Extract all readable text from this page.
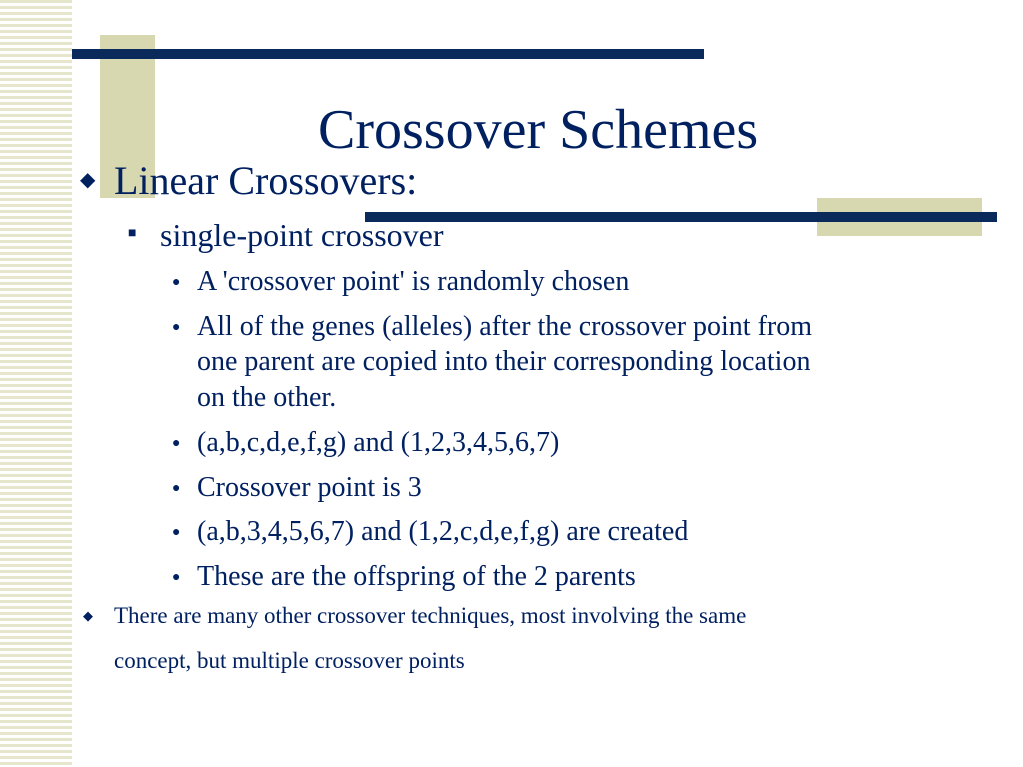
Crossover Schemes
◆ Linear Crossovers:
■ single-point crossover
● A 'crossover point' is randomly chosen
● All of the genes (alleles) after the crossover point from
one parent are copied into their corresponding location
on the other.
● (a,b,c,d,e,f,g) and (1,2,3,4,5,6,7)
● Crossover point is 3
● (a,b,3,4,5,6,7) and (1,2,c,d,e,f,g) are created
● These are the offspring of the 2 parents
◆ There are many other crossover techniques, most involving the same
concept, but multiple crossover points
